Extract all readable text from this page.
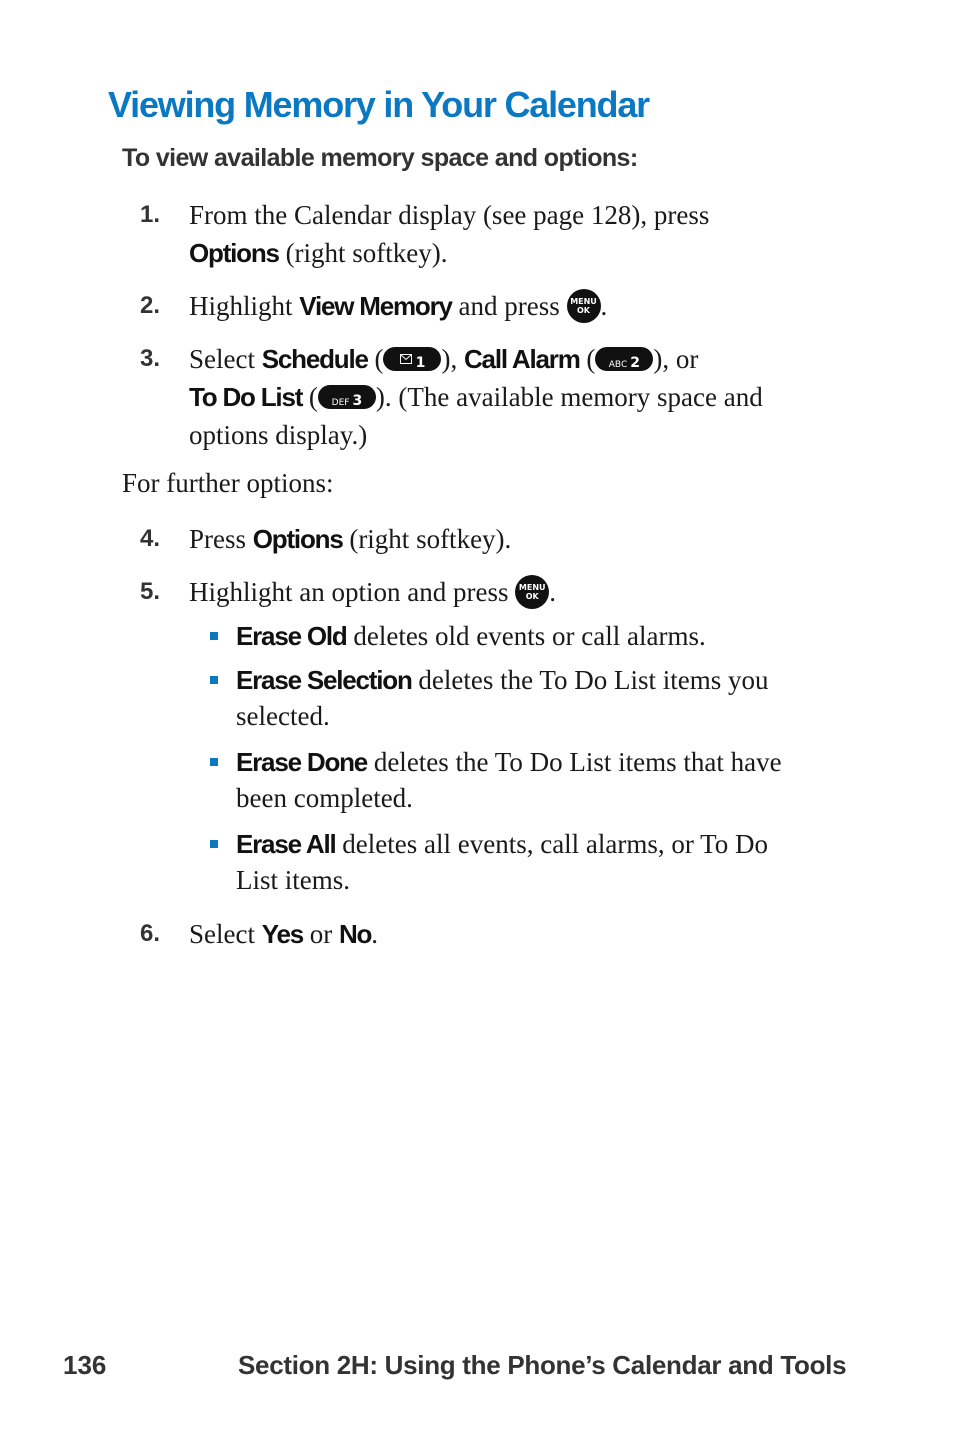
Viewing Memory in Your Calendar
To view available memory space and options:
1. From the Calendar display (see page 128), press
Options (right softkey).
2. Highlight View Memory and press MENU
OK .
3. Select Schedule ( 1 ), Call Alarm ( ABC 2 ), or
To Do List ( DEF 3 ). (The available memory space and
options display.)
For further options:
4. Press Options (right softkey).
5. Highlight an option and press MENU
OK .
Erase Old deletes old events or call alarms.
Erase Selection deletes the To Do List items you
selected.
Erase Done deletes the To Do List items that have
been completed.
Erase All deletes all events, call alarms, or To Do
List items.
6. Select Yes or No.
136	Section 2H: Using the Phone’s Calendar and Tools
